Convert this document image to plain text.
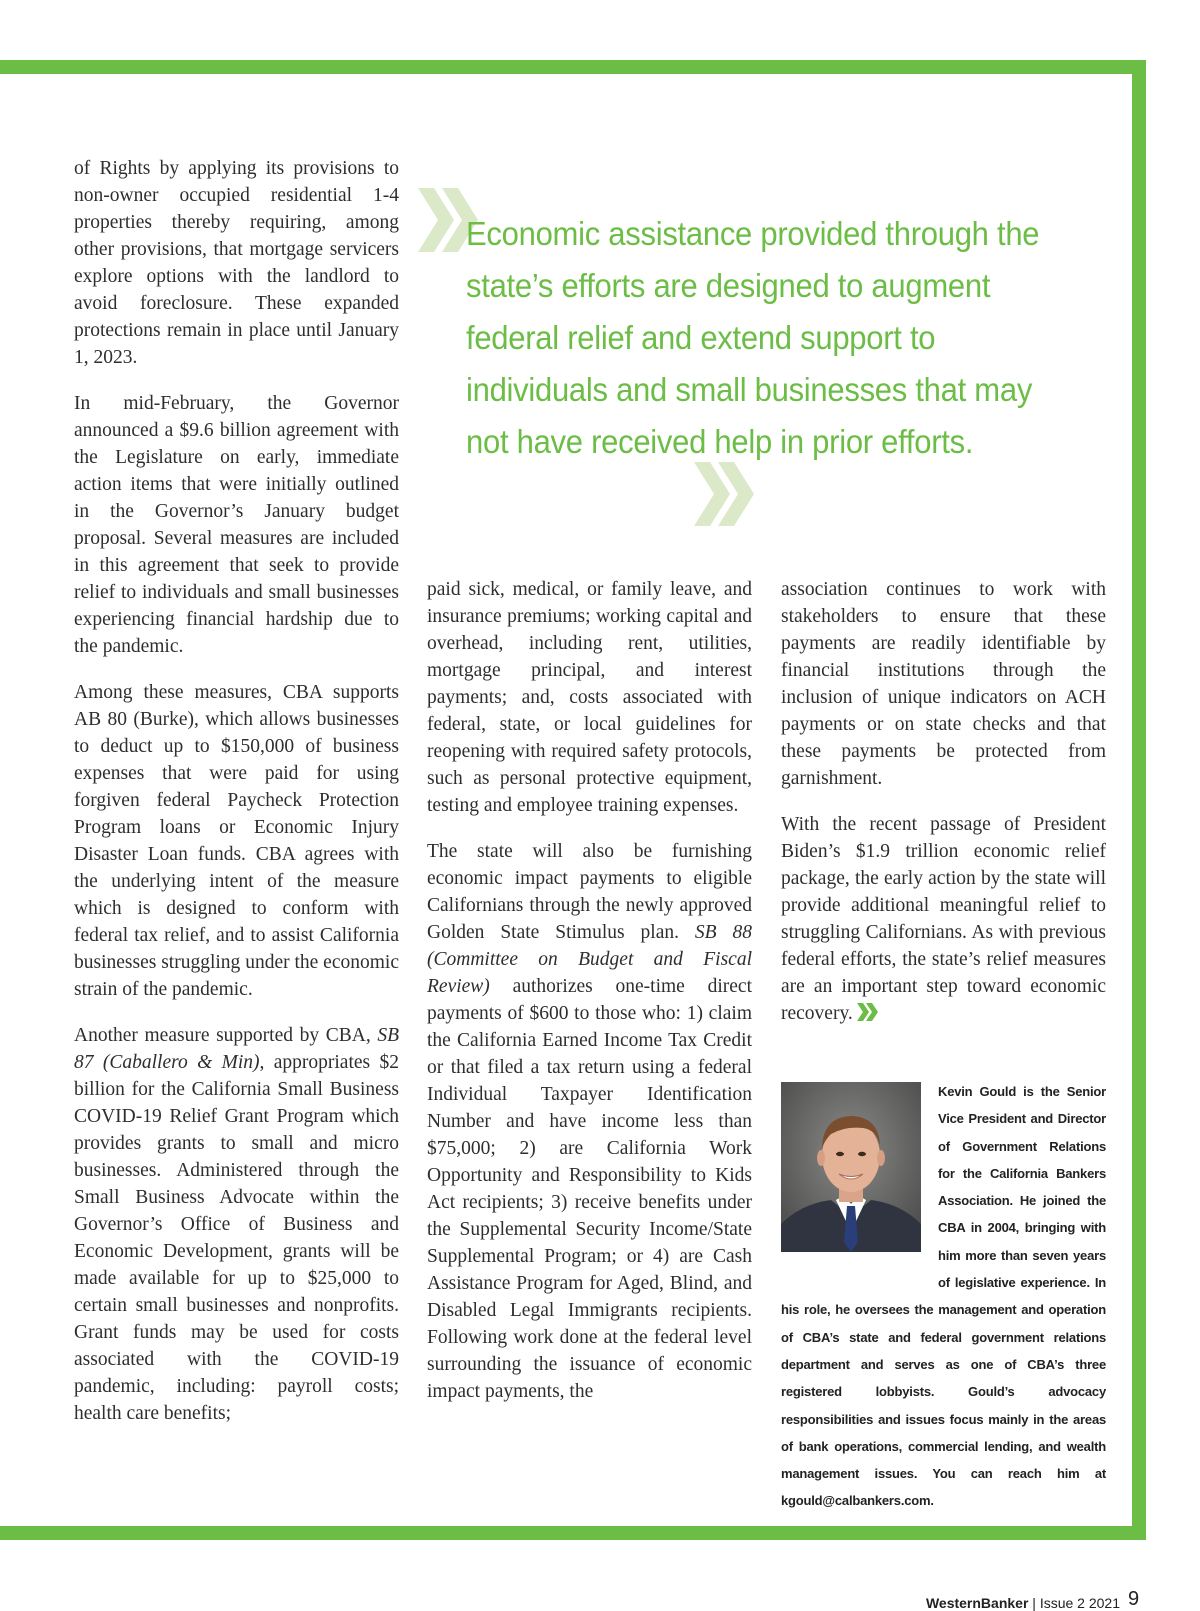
of Rights by applying its provisions to non-owner occupied residential 1-4 properties thereby requiring, among other provisions, that mortgage servicers explore options with the landlord to avoid foreclosure. These expanded protections remain in place until January 1, 2023.

In mid-February, the Governor announced a $9.6 billion agreement with the Legislature on early, immediate action items that were initially outlined in the Governor’s January budget proposal. Several measures are included in this agreement that seek to provide relief to individuals and small businesses experiencing financial hardship due to the pandemic.

Among these measures, CBA supports AB 80 (Burke), which allows businesses to deduct up to $150,000 of business expenses that were paid for using forgiven federal Paycheck Protection Program loans or Economic Injury Disaster Loan funds. CBA agrees with the underlying intent of the measure which is designed to conform with federal tax relief, and to assist California businesses struggling under the economic strain of the pandemic.

Another measure supported by CBA, SB 87 (Caballero & Min), appropriates $2 billion for the California Small Business COVID-19 Relief Grant Program which provides grants to small and micro businesses. Administered through the Small Business Advocate within the Governor’s Office of Business and Economic Development, grants will be made available for up to $25,000 to certain small businesses and nonprofits. Grant funds may be used for costs associated with the COVID-19 pandemic, including: payroll costs; health care benefits;

Economic assistance provided through the state’s efforts are designed to augment federal relief and extend support to individuals and small businesses that may not have received help in prior efforts.

paid sick, medical, or family leave, and insurance premiums; working capital and overhead, including rent, utilities, mortgage principal, and interest payments; and, costs associated with federal, state, or local guidelines for reopening with required safety protocols, such as personal protective equipment, testing and employee training expenses.

The state will also be furnishing economic impact payments to eligible Californians through the newly approved Golden State Stimulus plan. SB 88 (Committee on Budget and Fiscal Review) authorizes one-time direct payments of $600 to those who: 1) claim the California Earned Income Tax Credit or that filed a tax return using a federal Individual Taxpayer Identification Number and have income less than $75,000; 2) are California Work Opportunity and Responsibility to Kids Act recipients; 3) receive benefits under the Supplemental Security Income/State Supplemental Program; or 4) are Cash Assistance Program for Aged, Blind, and Disabled Legal Immigrants recipients. Following work done at the federal level surrounding the issuance of economic impact payments, the

association continues to work with stakeholders to ensure that these payments are readily identifiable by financial institutions through the inclusion of unique indicators on ACH payments or on state checks and that these payments be protected from garnishment.

With the recent passage of President Biden’s $1.9 trillion economic relief package, the early action by the state will provide additional meaningful relief to struggling Californians. As with previous federal efforts, the state’s relief measures are an important step toward economic recovery.

Kevin Gould is the Senior Vice President and Director of Government Relations for the California Bankers Association. He joined the CBA in 2004, bringing with him more than seven years of legislative experience. In his role, he oversees the management and operation of CBA’s state and federal government relations department and serves as one of CBA’s three registered lobbyists. Gould’s advocacy responsibilities and issues focus mainly in the areas of bank operations, commercial lending, and wealth management issues. You can reach him at kgould@calbankers.com.
WesternBanker | Issue 2 2021 9
